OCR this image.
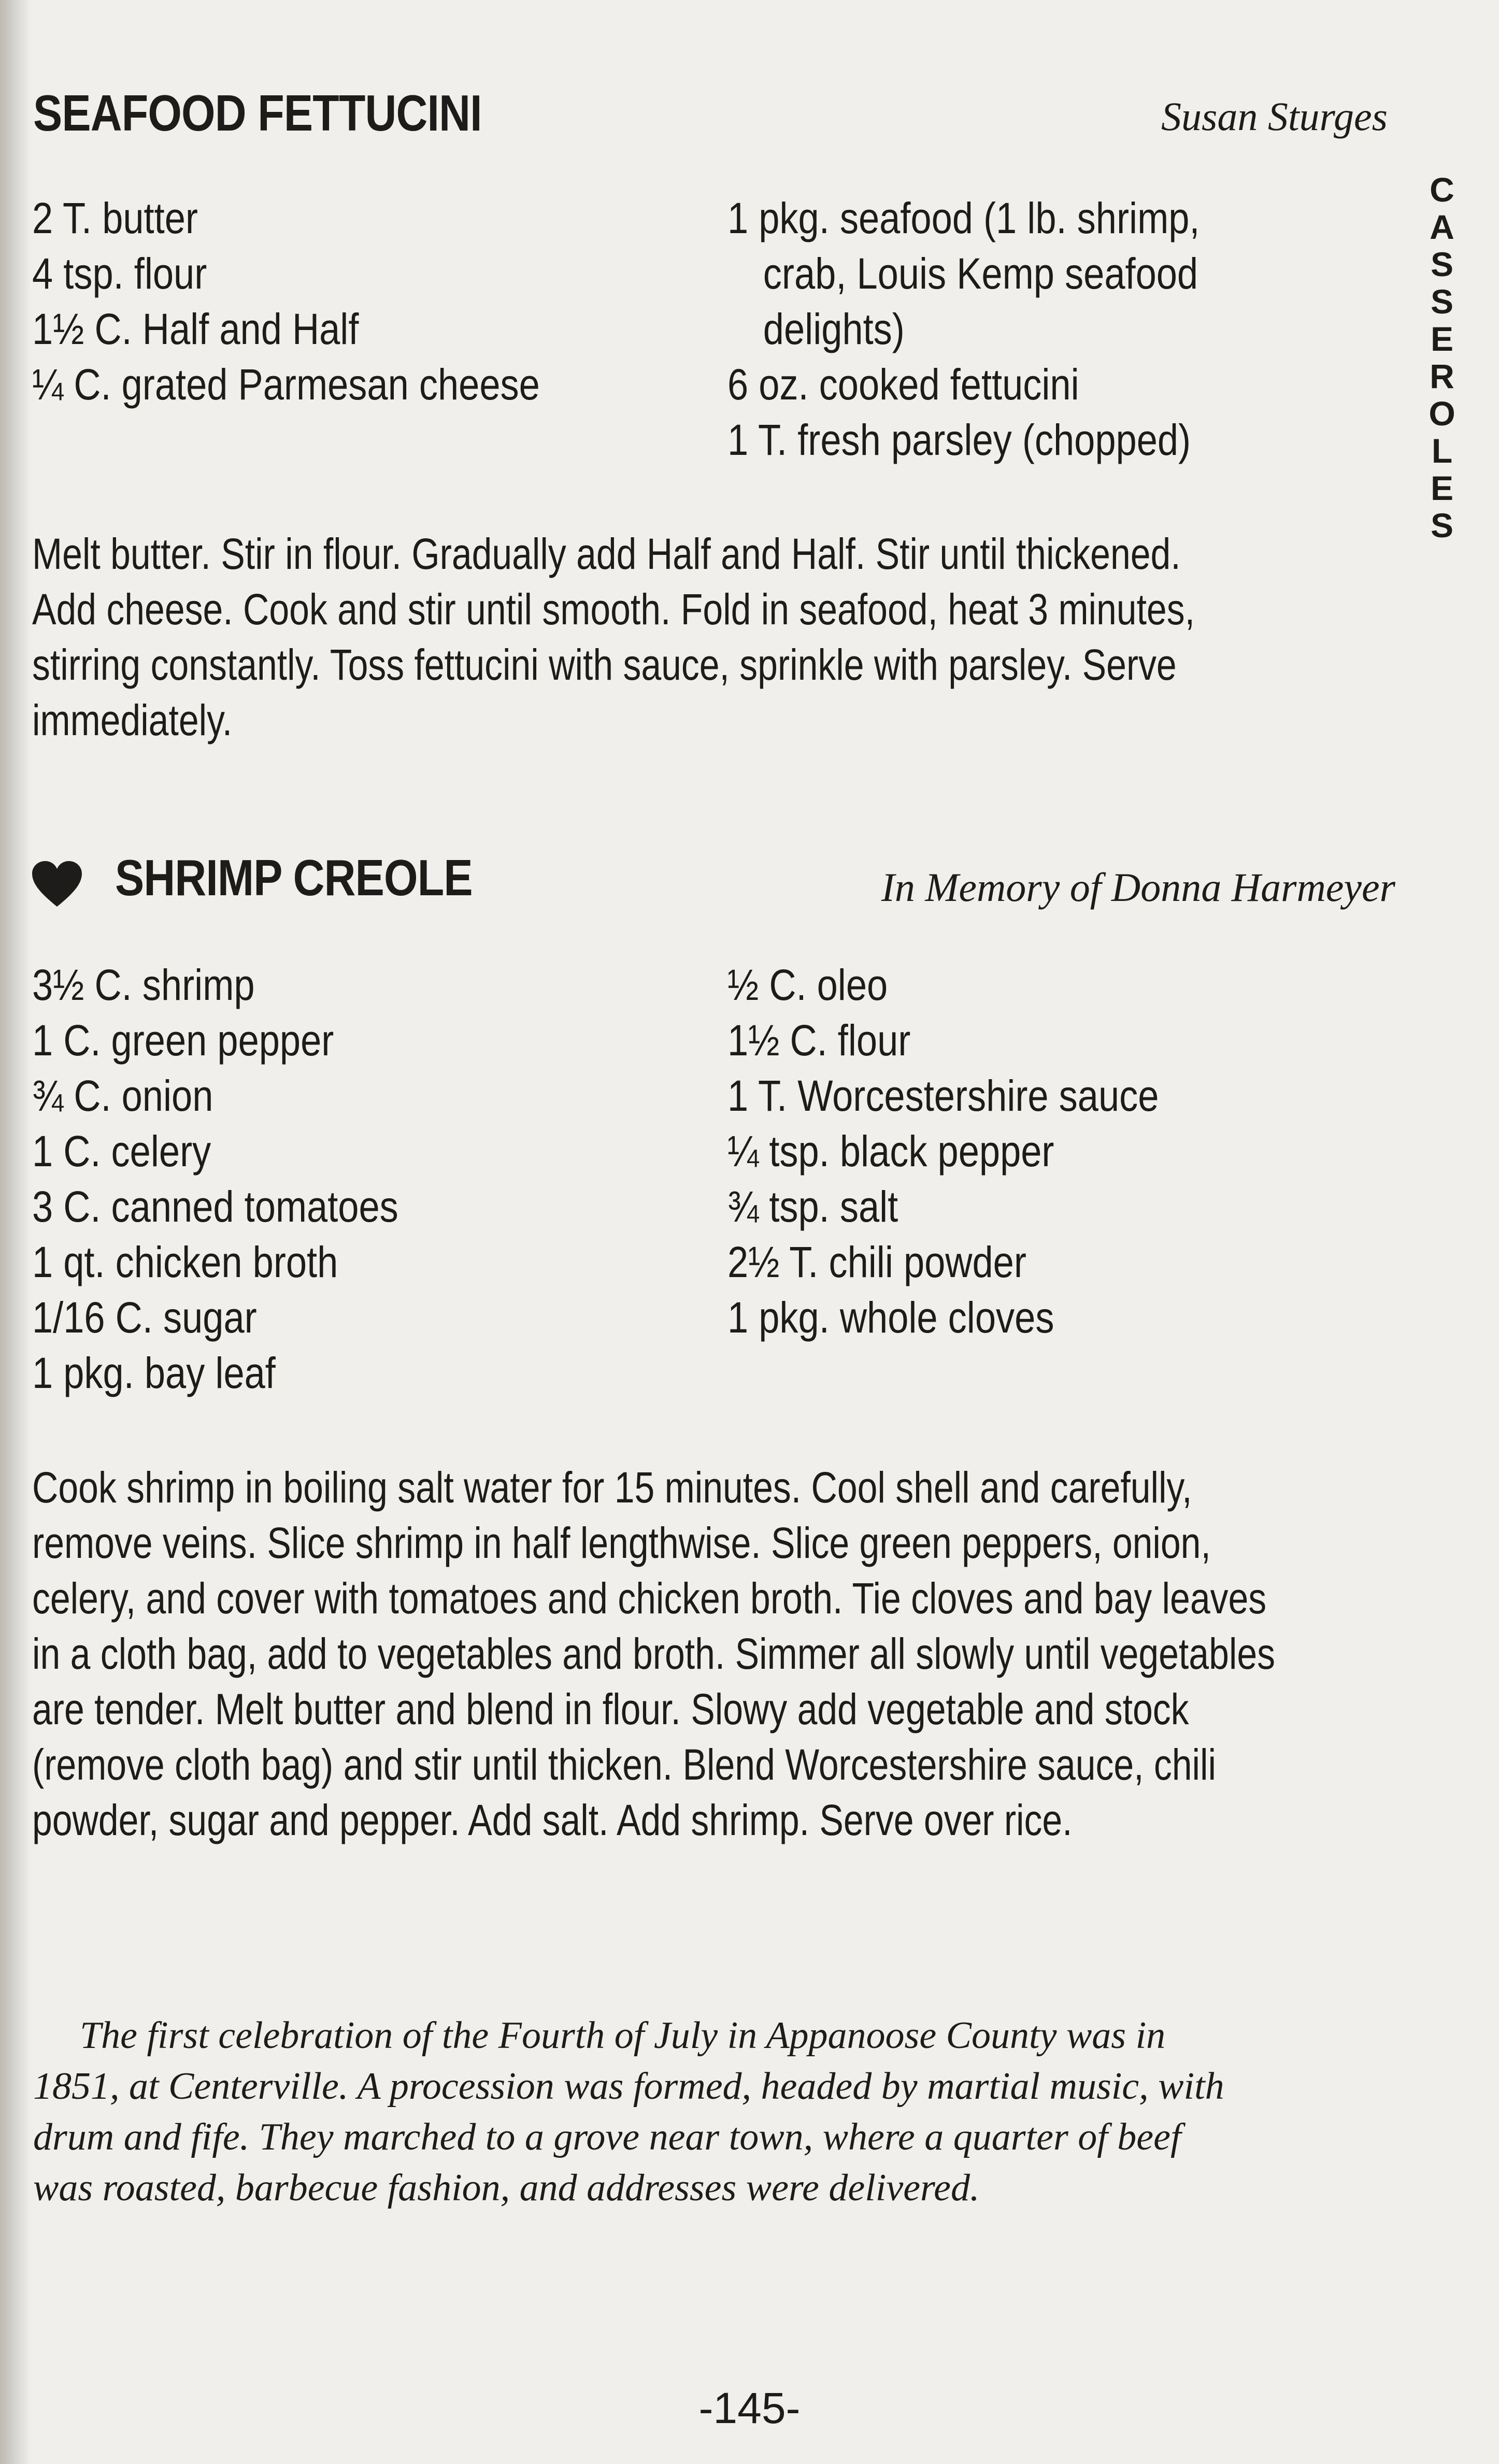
C
A
S
S
E
R
O
L
E
S
SEAFOOD FETTUCINI	Susan Sturges
2 T. butter
4 tsp. flour
1½ C. Half and Half
¼ C. grated Parmesan cheese
1 pkg. seafood (1 lb. shrimp,
crab, Louis Kemp seafood
delights)
6 oz. cooked fettucini
1 T. fresh parsley (chopped)
Melt butter. Stir in flour. Gradually add Half and Half. Stir until thickened.
Add cheese. Cook and stir until smooth. Fold in seafood, heat 3 minutes,
stirring constantly. Toss fettucini with sauce, sprinkle with parsley. Serve
immediately.
SHRIMP CREOLE	In Memory of Donna Harmeyer
3½ C. shrimp
1 C. green pepper
¾ C. onion
1 C. celery
3 C. canned tomatoes
1 qt. chicken broth
1/16 C. sugar
1 pkg. bay leaf
½ C. oleo
1½ C. flour
1 T. Worcestershire sauce
¼ tsp. black pepper
¾ tsp. salt
2½ T. chili powder
1 pkg. whole cloves
Cook shrimp in boiling salt water for 15 minutes. Cool shell and carefully,
remove veins. Slice shrimp in half lengthwise. Slice green peppers, onion,
celery, and cover with tomatoes and chicken broth. Tie cloves and bay leaves
in a cloth bag, add to vegetables and broth. Simmer all slowly until vegetables
are tender. Melt butter and blend in flour. Slowy add vegetable and stock
(remove cloth bag) and stir until thicken. Blend Worcestershire sauce, chili
powder, sugar and pepper. Add salt. Add shrimp. Serve over rice.
The first celebration of the Fourth of July in Appanoose County was in
1851, at Centerville. A procession was formed, headed by martial music, with
drum and fife. They marched to a grove near town, where a quarter of beef
was roasted, barbecue fashion, and addresses were delivered.
-145-
